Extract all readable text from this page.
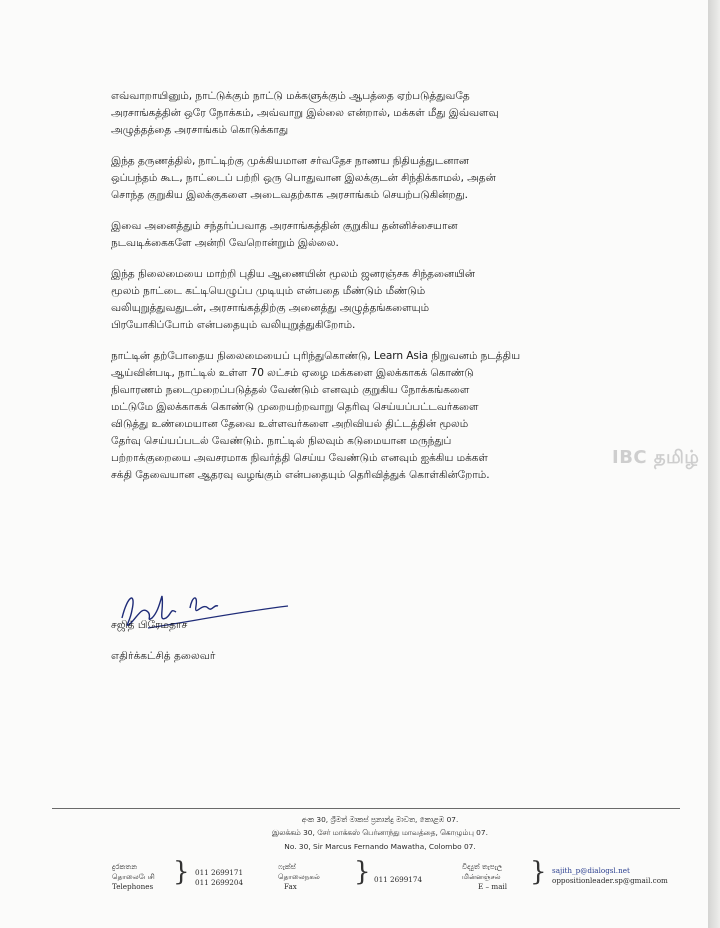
எவ்வாறாயினும், நாட்டுக்கும் நாட்டு மக்களுக்கும் ஆபத்தை ஏற்படுத்துவதே
அரசாங்கத்தின் ஒரே நோக்கம், அவ்வாறு இல்லை என்றால், மக்கள் மீது இவ்வளவு
அழுத்தத்தை அரசாங்கம் கொடுக்காது
இந்த தருணத்தில், நாட்டிற்கு முக்கியமான சர்வதேச நாணய நிதியத்துடனான
ஒப்பந்தம் கூட, நாட்டைப் பற்றி ஒரு பொதுவான இலக்குடன் சிந்திக்காமல், அதன்
சொந்த குறுகிய இலக்குகளை அடைவதற்காக அரசாங்கம் செயற்படுகின்றது.
இவை அனைத்தும் சந்தர்ப்பவாத அரசாங்கத்தின் குறுகிய தன்னிச்சையான
நடவடிக்கைகளே அன்றி வேறொன்றும் இல்லை.
இந்த நிலைமையை மாற்றி புதிய ஆணையின் மூலம் ஜனரஞ்சக சிந்தனையின்
மூலம் நாட்டை கட்டியெழுப்ப முடியும் என்பதை மீண்டும் மீண்டும்
வலியுறுத்துவதுடன், அரசாங்கத்திற்கு அனைத்து அழுத்தங்களையும்
பிரயோகிப்போம் என்பதையும் வலியுறுத்துகிறோம்.
நாட்டின் தற்போதைய நிலைமையைப் புரிந்துகொண்டு, Learn Asia நிறுவனம் நடத்திய
ஆய்வின்படி, நாட்டில் உள்ள 70 லட்சம் ஏழை மக்களை இலக்காகக் கொண்டு
நிவாரணம் நடைமுறைப்படுத்தல் வேண்டும் எனவும் குறுகிய நோக்கங்களை
மட்டுமே இலக்காகக் கொண்டு முறையற்றவாறு தெரிவு செய்யப்பட்டவர்களை
விடுத்து உண்மையான தேவை உள்ளவர்களை அறிவியல் திட்டத்தின் மூலம்
தேர்வு செய்யப்படல் வேண்டும். நாட்டில் நிலவும் கடுமையான மருந்துப்
பற்றாக்குறையை அவசரமாக நிவர்த்தி செய்ய வேண்டும் எனவும் ஐக்கிய மக்கள்
சக்தி தேவையான ஆதரவு வழங்கும் என்பதையும் தெரிவித்துக் கொள்கின்றோம்.
IBC தமிழ்
சஜித் பிரேமதாச
எதிர்க்கட்சித் தலைவர்
අංක 30, ශ්‍රීමත් මාකස් ප්‍රනාන්දු මාවත, කොළඹ 07.
இலக்கம் 30, சேர் மாக்கஸ் பெர்னாந்து மாவத்தை, கொழும்பு 07.
No. 30, Sir Marcus Fernando Mawatha, Colombo 07.
දුරකතන
தொலைபேசி
Telephones } 011 2699171
011 2699204
ෆැක්ස්
தொலைநகல்
Fax	} 011 2699174
විද්‍යුත් තැපැල
மின்னஞ்சல்
E – mail } sajith_p@dialogsl.net
oppositionleader.sp@gmail.com
